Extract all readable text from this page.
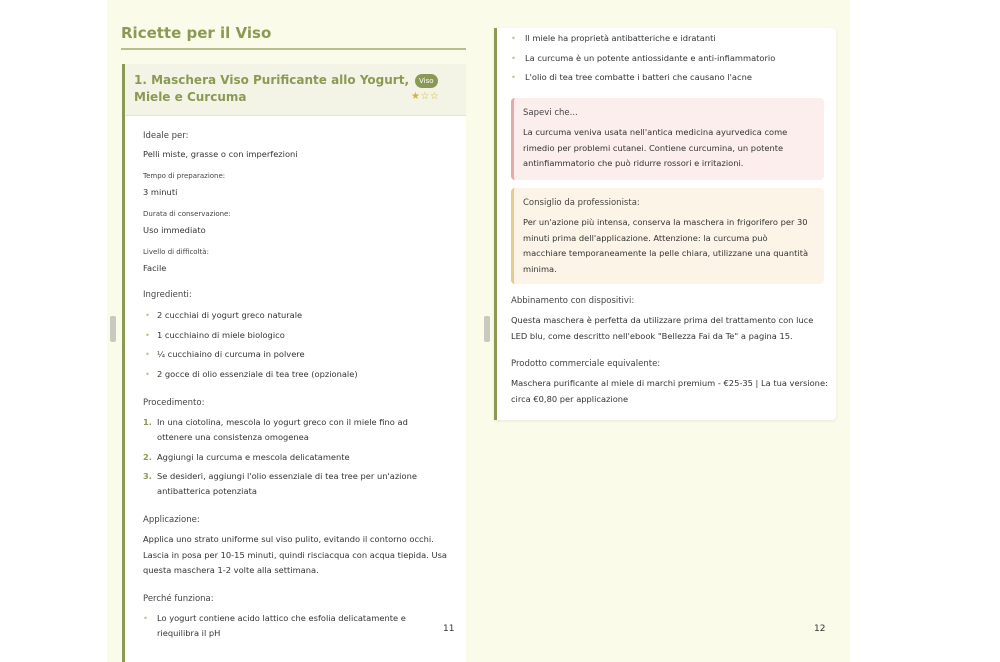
Ricette per il Viso
1. Maschera Viso Purificante allo Yogurt, Miele e Curcuma
Viso
★☆☆
Ideale per:
Pelli miste, grasse o con imperfezioni
Tempo di preparazione:
3 minuti
Durata di conservazione:
Uso immediato
Livello di difficoltà:
Facile
Ingredienti:
• 2 cucchiai di yogurt greco naturale
• 1 cucchiaino di miele biologico
• ¼ cucchiaino di curcuma in polvere
• 2 gocce di olio essenziale di tea tree (opzionale)
Procedimento:
1. In una ciotolina, mescola lo yogurt greco con il miele fino ad ottenere una consistenza omogenea
2. Aggiungi la curcuma e mescola delicatamente
3. Se desideri, aggiungi l'olio essenziale di tea tree per un'azione antibatterica potenziata
Applicazione:
Applica uno strato uniforme sul viso pulito, evitando il contorno occhi. Lascia in posa per 10-15 minuti, quindi risciacqua con acqua tiepida. Usa questa maschera 1-2 volte alla settimana.
Perché funziona:
• Lo yogurt contiene acido lattico che esfolia delicatamente e riequilibra il pH	11
• Il miele ha proprietà antibatteriche e idratanti
• La curcuma è un potente antiossidante e anti-infiammatorio
• L'olio di tea tree combatte i batteri che causano l'acne
Sapevi che...
La curcuma veniva usata nell'antica medicina ayurvedica come rimedio per problemi cutanei. Contiene curcumina, un potente antinfiammatorio che può ridurre rossori e irritazioni.
Consiglio da professionista:
Per un'azione più intensa, conserva la maschera in frigorifero per 30 minuti prima dell'applicazione. Attenzione: la curcuma può macchiare temporaneamente la pelle chiara, utilizzane una quantità minima.
Abbinamento con dispositivi:
Questa maschera è perfetta da utilizzare prima del trattamento con luce LED blu, come descritto nell'ebook "Bellezza Fai da Te" a pagina 15.
Prodotto commerciale equivalente:
Maschera purificante al miele di marchi premium - €25-35 | La tua versione: circa €0,80 per applicazione
12
